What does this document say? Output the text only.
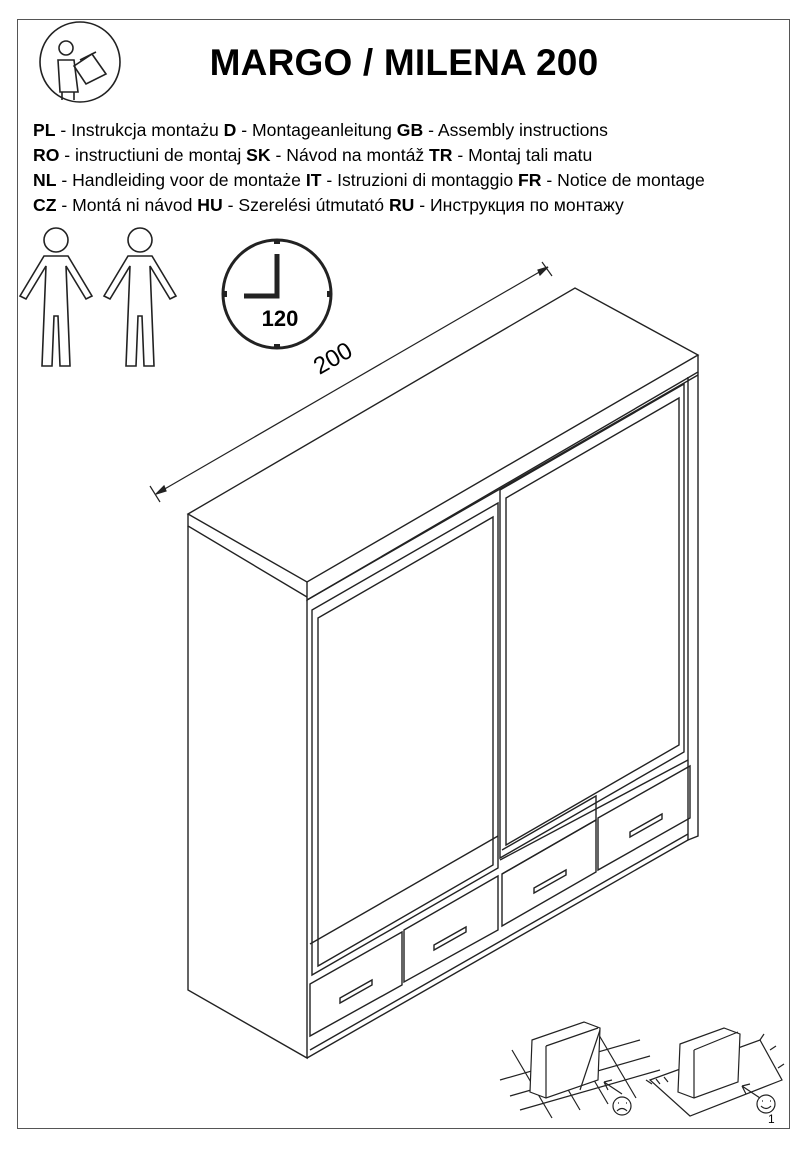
MARGO / MILENA 200
PL - Instrukcja montażu D - Montageanleitung GB - Assembly instructions
RO - instructiuni de montaj SK - Návod na montáž TR - Montaj tali matu
NL - Handleiding voor de montaże IT - Istruzioni di montaggio FR - Notice de montage
CZ - Montá ni návod HU - Szerelési útmutató RU - Инструкция по монтажу
200
120
1
